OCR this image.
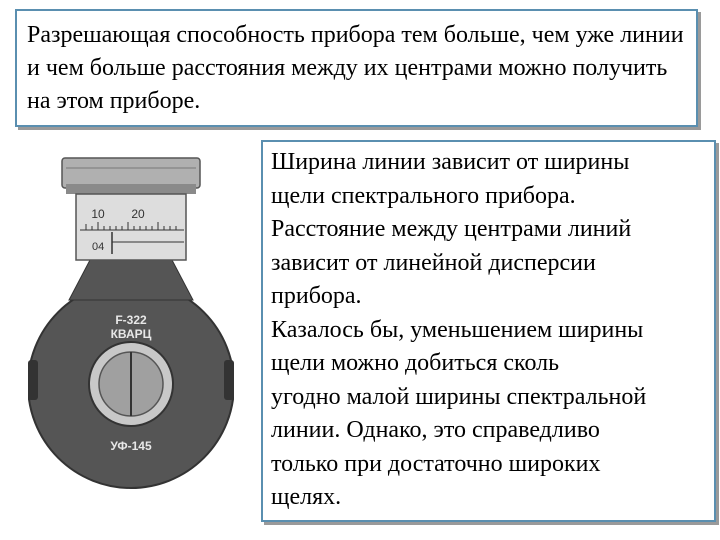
Разрешающая способность прибора тем больше, чем уже линии и чем больше расстояния между их центрами можно получить на этом приборе.

Ширина линии зависит от ширины
щели спектрального прибора.
Расстояние между центрами линий
зависит от линейной дисперсии
прибора.
Казалось бы, уменьшением ширины
щели можно добиться сколь
угодно малой ширины спектральной
линии. Однако, это справедливо
только при достаточно широких
щелях.

10 20
04
F-322
КВАРЦ
УФ-145
